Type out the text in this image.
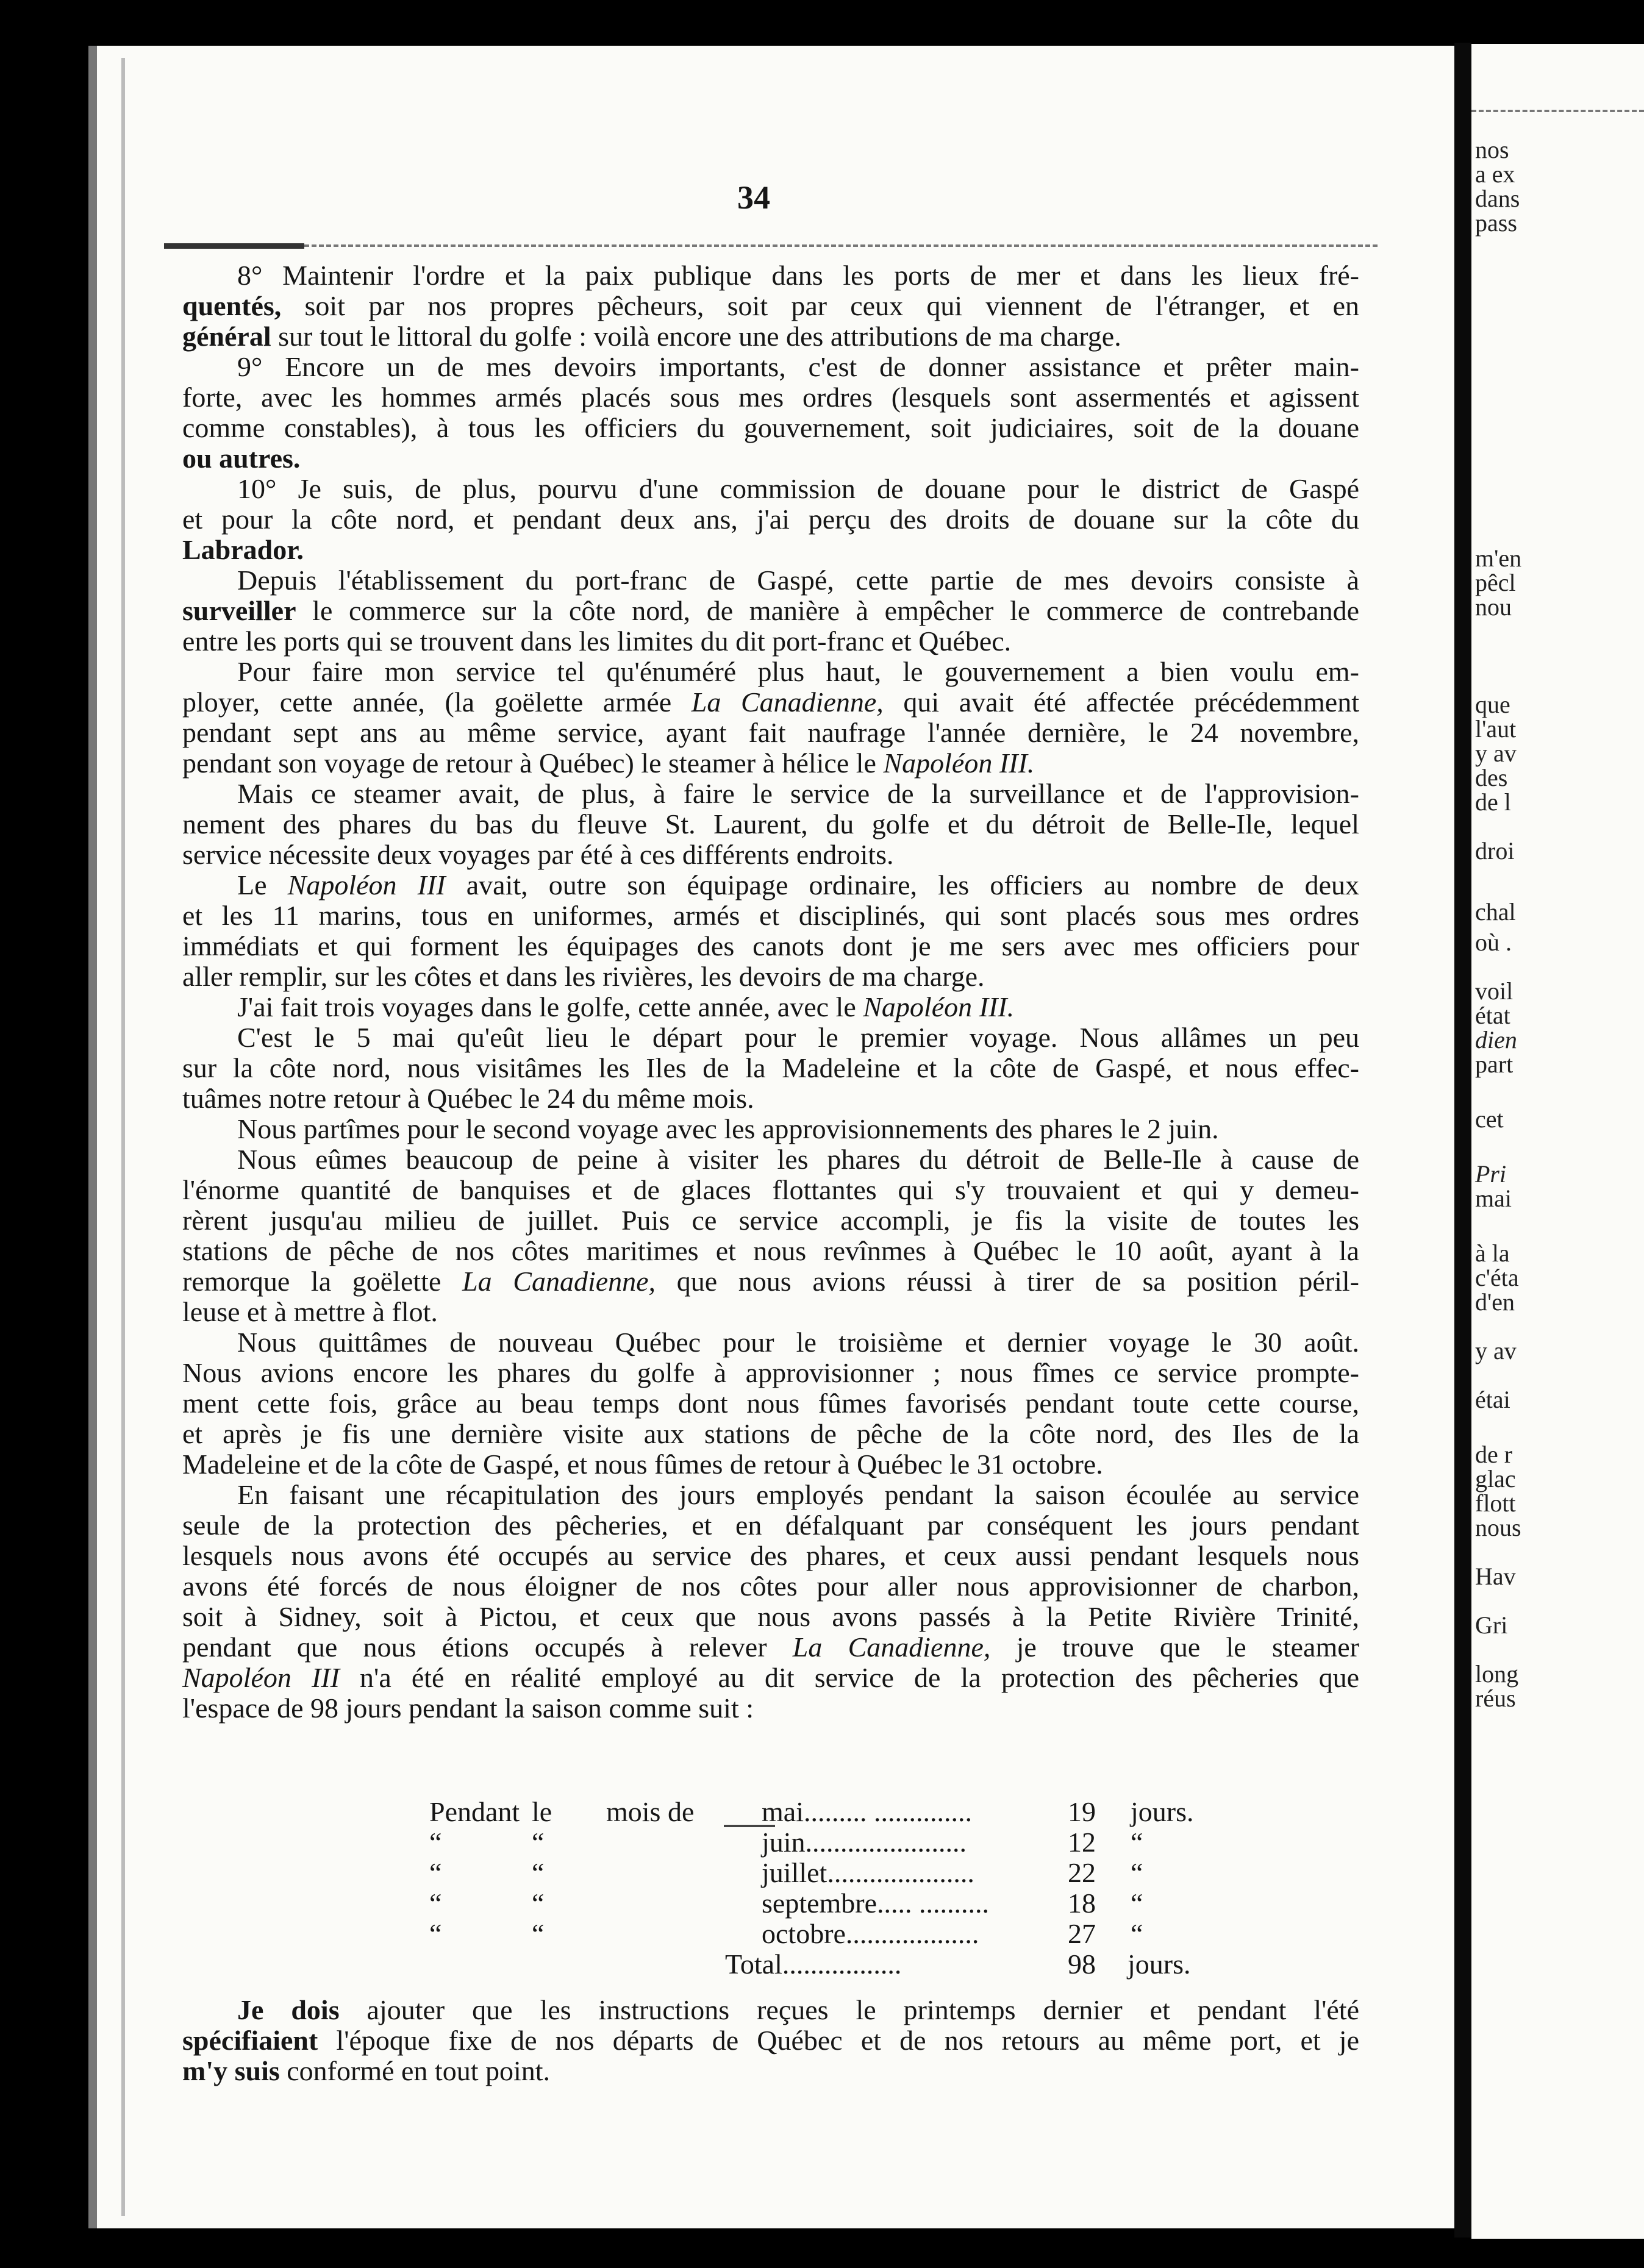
34
8° Maintenir l'ordre et la paix publique dans les ports de mer et dans les lieux fré-
quentés, soit par nos propres pêcheurs, soit par ceux qui viennent de l'étranger, et en
général sur tout le littoral du golfe : voilà encore une des attributions de ma charge.
9° Encore un de mes devoirs importants, c'est de donner assistance et prêter main-
forte, avec les hommes armés placés sous mes ordres (lesquels sont assermentés et agissent
comme constables), à tous les officiers du gouvernement, soit judiciaires, soit de la douane
ou autres.
10° Je suis, de plus, pourvu d'une commission de douane pour le district de Gaspé
et pour la côte nord, et pendant deux ans, j'ai perçu des droits de douane sur la côte du
Labrador.
Depuis l'établissement du port-franc de Gaspé, cette partie de mes devoirs consiste à
surveiller le commerce sur la côte nord, de manière à empêcher le commerce de contrebande
entre les ports qui se trouvent dans les limites du dit port-franc et Québec.
Pour faire mon service tel qu'énuméré plus haut, le gouvernement a bien voulu em-
ployer, cette année, (la goëlette armée La Canadienne, qui avait été affectée précédemment
pendant sept ans au même service, ayant fait naufrage l'année dernière, le 24 novembre,
pendant son voyage de retour à Québec) le steamer à hélice le Napoléon III.
Mais ce steamer avait, de plus, à faire le service de la surveillance et de l'approvision-
nement des phares du bas du fleuve St. Laurent, du golfe et du détroit de Belle-Ile, lequel
service nécessite deux voyages par été à ces différents endroits.
Le Napoléon III avait, outre son équipage ordinaire, les officiers au nombre de deux
et les 11 marins, tous en uniformes, armés et disciplinés, qui sont placés sous mes ordres
immédiats et qui forment les équipages des canots dont je me sers avec mes officiers pour
aller remplir, sur les côtes et dans les rivières, les devoirs de ma charge.
J'ai fait trois voyages dans le golfe, cette année, avec le Napoléon III.
C'est le 5 mai qu'eût lieu le départ pour le premier voyage. Nous allâmes un peu
sur la côte nord, nous visitâmes les Iles de la Madeleine et la côte de Gaspé, et nous effec-
tuâmes notre retour à Québec le 24 du même mois.
Nous partîmes pour le second voyage avec les approvisionnements des phares le 2 juin.
Nous eûmes beaucoup de peine à visiter les phares du détroit de Belle-Ile à cause de
l'énorme quantité de banquises et de glaces flottantes qui s'y trouvaient et qui y demeu-
rèrent jusqu'au milieu de juillet. Puis ce service accompli, je fis la visite de toutes les
stations de pêche de nos côtes maritimes et nous revînmes à Québec le 10 août, ayant à la
remorque la goëlette La Canadienne, que nous avions réussi à tirer de sa position péril-
leuse et à mettre à flot.
Nous quittâmes de nouveau Québec pour le troisième et dernier voyage le 30 août.
Nous avions encore les phares du golfe à approvisionner ; nous fîmes ce service prompte-
ment cette fois, grâce au beau temps dont nous fûmes favorisés pendant toute cette course,
et après je fis une dernière visite aux stations de pêche de la côte nord, des Iles de la
Madeleine et de la côte de Gaspé, et nous fûmes de retour à Québec le 31 octobre.
En faisant une récapitulation des jours employés pendant la saison écoulée au service
seule de la protection des pêcheries, et en défalquant par conséquent les jours pendant
lesquels nous avons été occupés au service des phares, et ceux aussi pendant lesquels nous
avons été forcés de nous éloigner de nos côtes pour aller nous approvisionner de charbon,
soit à Sidney, soit à Pictou, et ceux que nous avons passés à la Petite Rivière Trinité,
pendant que nous étions occupés à relever La Canadienne, je trouve que le steamer
Napoléon III n'a été en réalité employé au dit service de la protection des pêcheries que
l'espace de 98 jours pendant la saison comme suit :
Pendant le mois de mai......... ..............	19	jours.
“	“	juin.......................	12	“
“	“	juillet.....................	22	“
“	“	septembre..... ..........	18	“
“	“	octobre...................	27	“
Total.................	98	jours.
Je dois ajouter que les instructions reçues le printemps dernier et pendant l'été
spécifiaient l'époque fixe de nos départs de Québec et de nos retours au même port, et je
m'y suis conformé en tout point.
nos
a ex
dans
pass
m'en
pêcl
nou
que
l'aut
y av
des
de l
droi
chal
où .
voil
état
dien
part
cet
Pri
mai
à la
c'éta
d'en
y av
étai
de r
glac
flott
nous
Hav
Gri
long
réus
